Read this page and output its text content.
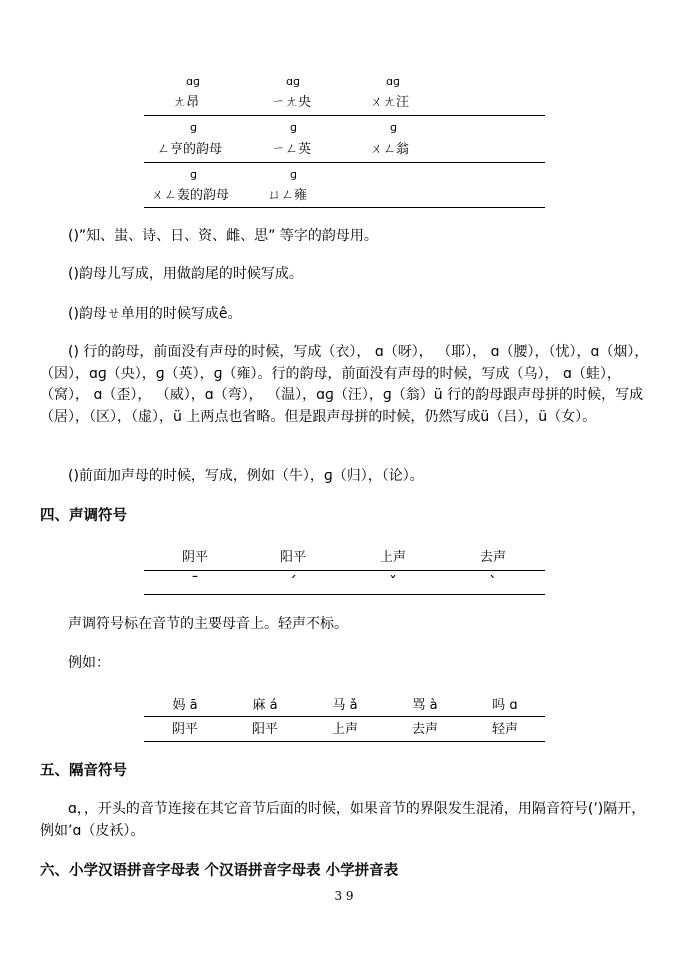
ɑɡ	ɑɡ	ɑɡ
ㄤ昂	ㄧㄤ央	ㄨㄤ汪
ɡ	ɡ	ɡ
ㄥ亨的韵母	ㄧㄥ英	ㄨㄥ翁
ɡ	ɡ
ㄨㄥ轰的韵母	ㄩㄥ雍
()”知、蚩、诗、日、资、雌、思” 等字的韵母用。
()韵母儿写成，用做韵尾的时候写成。
()韵母ㄝ单用的时候写成ê。
() 行的韵母，前面没有声母的时候，写成（衣）， ɑ（呀）， （耶）， ɑ（腰），（忧），ɑ（烟），（因），ɑɡ（央），ɡ（英），ɡ（雍）。行的韵母，前面没有声母的时候，写成（乌）， ɑ（蛙）， （窝）， ɑ（歪）， （威），ɑ（弯）， （温），ɑɡ（汪），ɡ（翁）ü 行的韵母跟声母拼的时候，写成（居），（区），（虚），ü 上两点也省略。但是跟声母拼的时候，仍然写成ü（吕），ü（女）。
()前面加声母的时候，写成，例如（牛），ɡ（归），（论）。
四、声调符号
阴平	阳平	上声	去声
ˉ	ˊ	ˇ	ˋ
声调符号标在音节的主要母音上。轻声不标。
例如：
妈 ā	麻 á	马 ǎ	骂 à	吗 ɑ
阴平	阳平	上声	去声	轻声
五、隔音符号
ɑ，，开头的音节连接在其它音节后面的时候，如果音节的界限发生混淆，用隔音符号(’)隔开，例如’ɑ（皮袄）。
六、小学汉语拼音字母表 个汉语拼音字母表 小学拼音表
3 9
